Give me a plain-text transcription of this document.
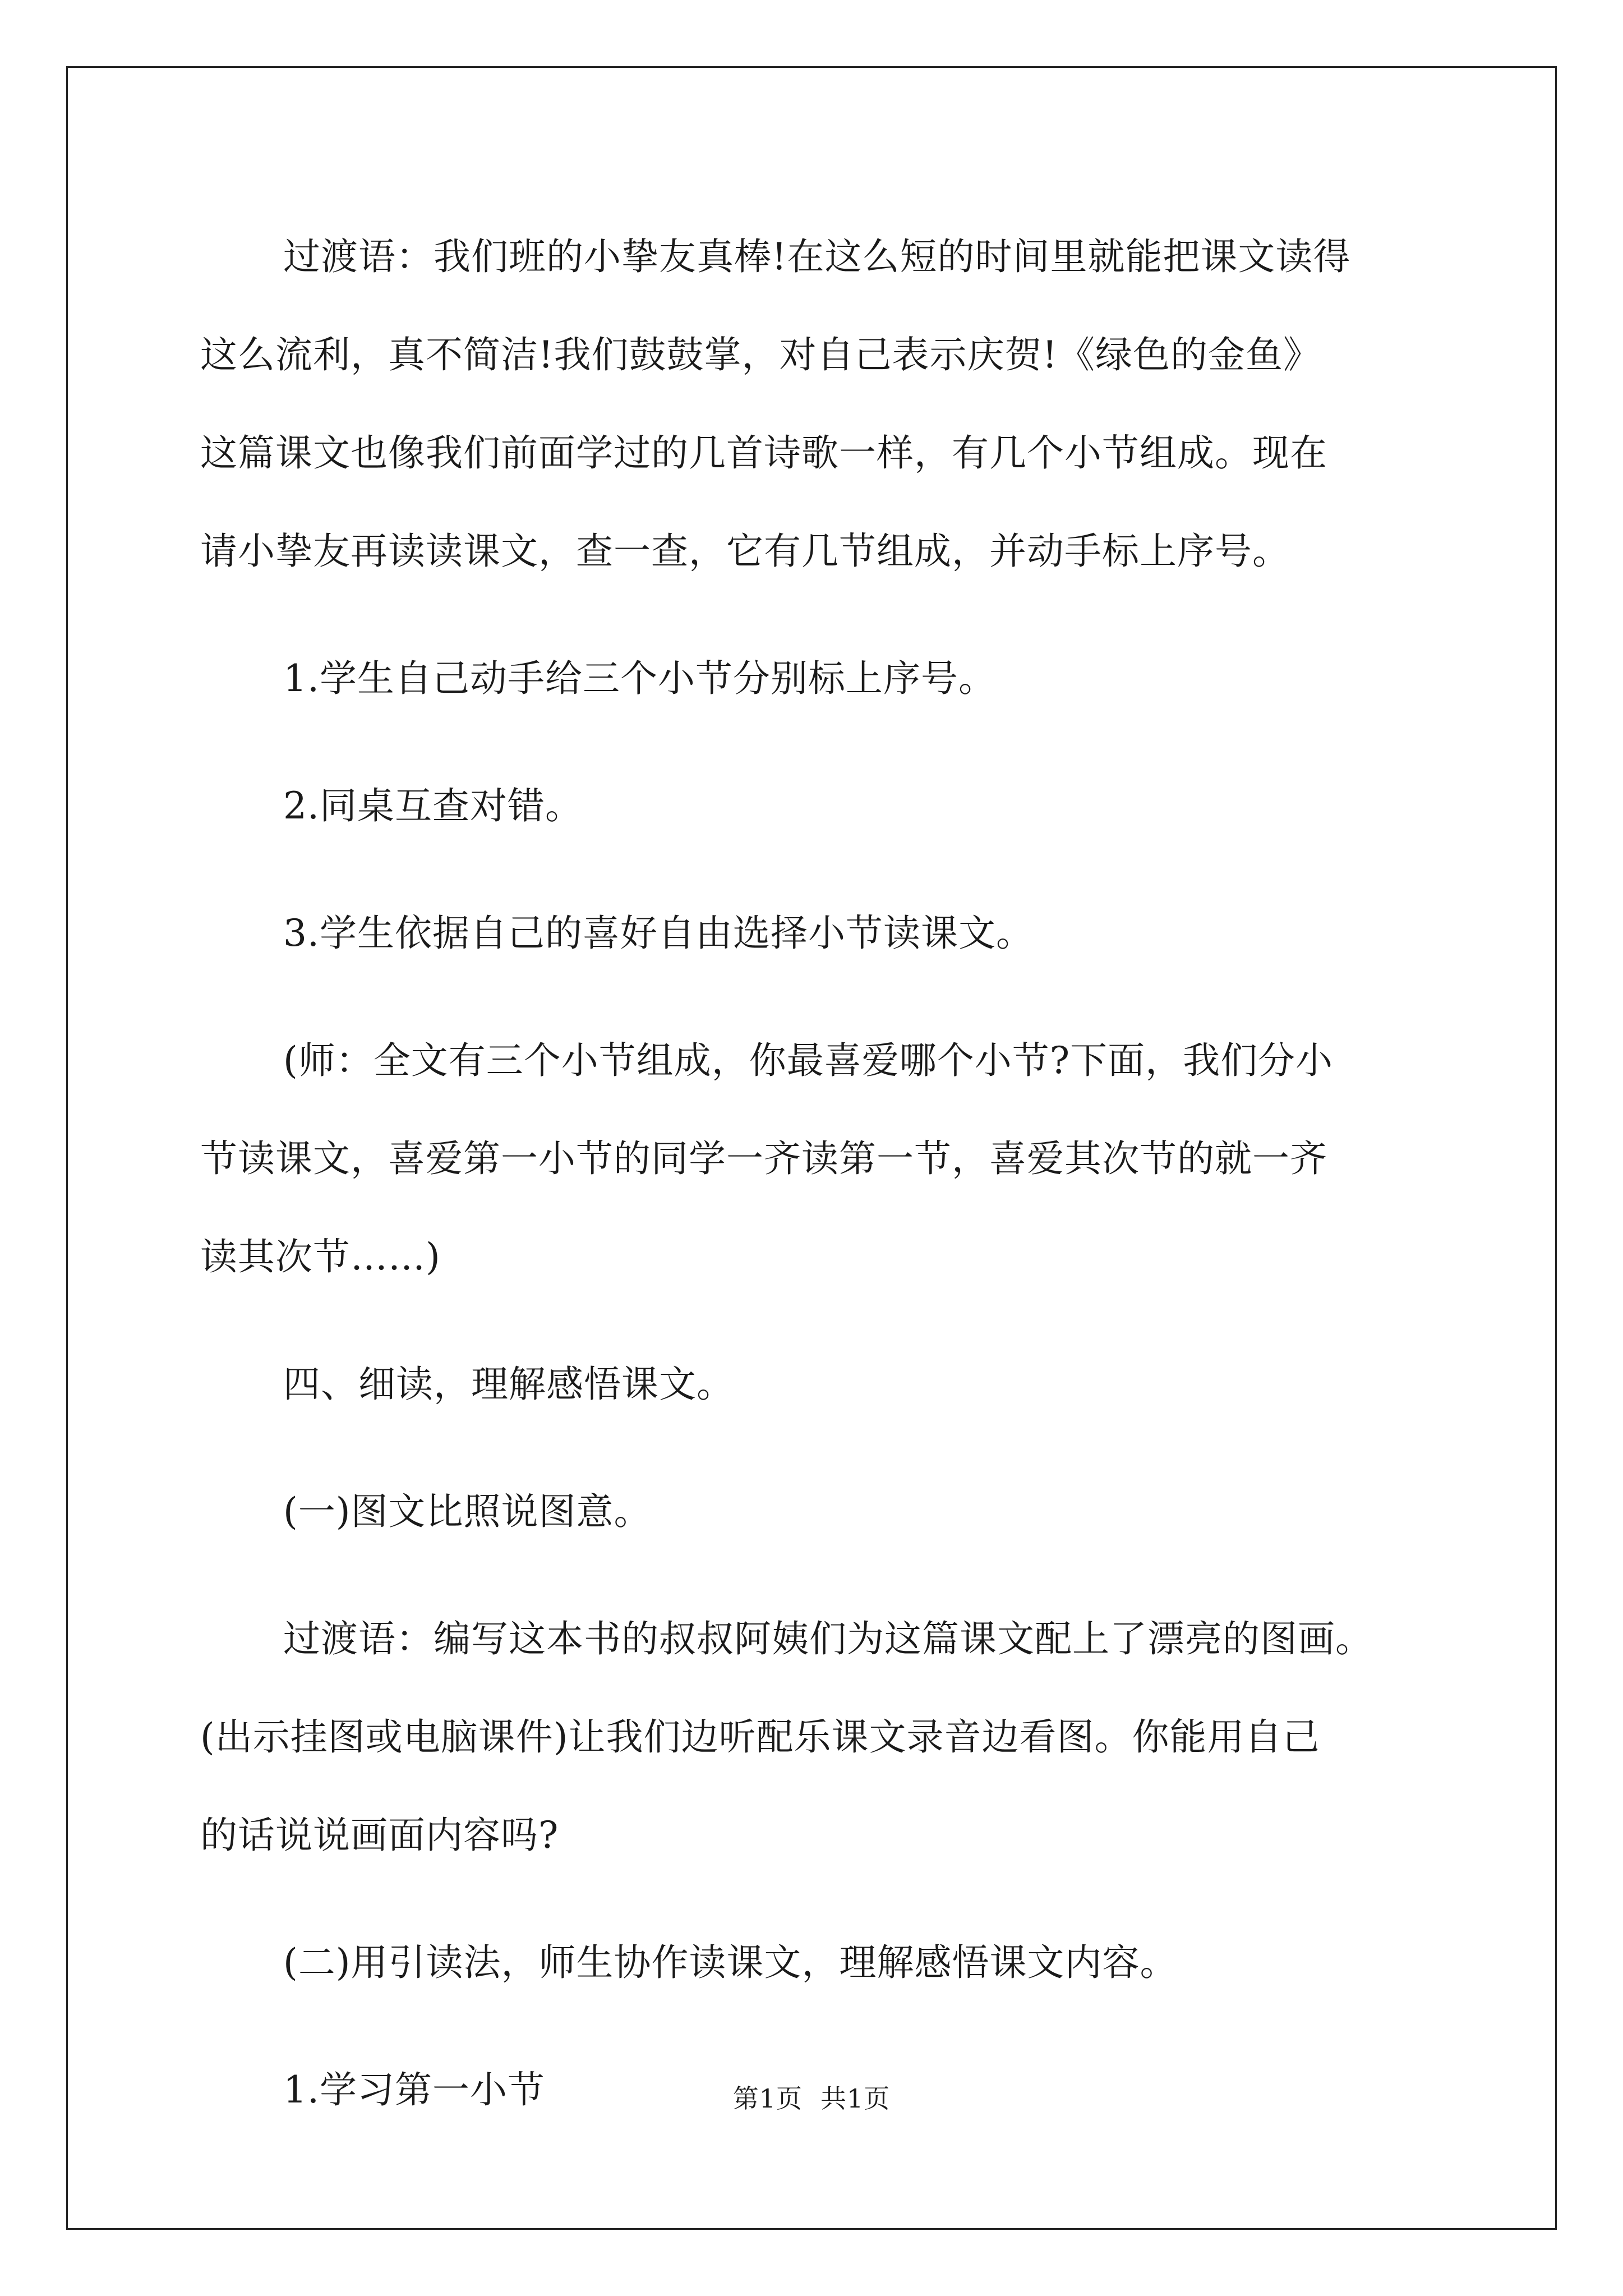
过渡语：我们班的小挚友真棒!在这么短的时间里就能把课文读得
这么流利，真不简洁!我们鼓鼓掌，对自己表示庆贺!《绿色的金鱼》
这篇课文也像我们前面学过的几首诗歌一样，有几个小节组成。现在
请小挚友再读读课文，查一查，它有几节组成，并动手标上序号。

1.学生自己动手给三个小节分别标上序号。

2.同桌互查对错。

3.学生依据自己的喜好自由选择小节读课文。

(师：全文有三个小节组成，你最喜爱哪个小节?下面，我们分小
节读课文，喜爱第一小节的同学一齐读第一节，喜爱其次节的就一齐
读其次节……)

四、细读，理解感悟课文。

(一)图文比照说图意。

过渡语：编写这本书的叔叔阿姨们为这篇课文配上了漂亮的图画。
(出示挂图或电脑课件)让我们边听配乐课文录音边看图。你能用自己
的话说说画面内容吗?

(二)用引读法，师生协作读课文，理解感悟课文内容。

1.学习第一小节	第1页 共1页
